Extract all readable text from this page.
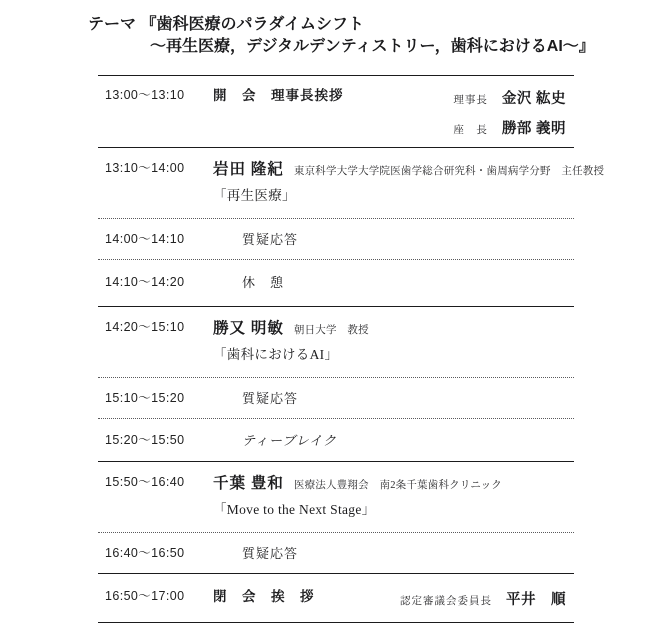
テーマ 『歯科医療のパラダイムシフト
～再生医療，デジタルデンティストリー，歯科におけるAI～』
13:00～13:10	開　会　理事長挨拶	理事長 金沢 紘史
座　長 勝部 義明
13:10～14:00	岩田 隆紀 東京科学大学大学院医歯学総合研究科・歯周病学分野　主任教授
「再生医療」
14:00～14:10	質疑応答
14:10～14:20	休　憩
14:20～15:10	勝又 明敏 朝日大学　教授
「歯科におけるAI」
15:10～15:20	質疑応答
15:20～15:50	ティーブレイク
15:50～16:40	千葉 豊和 医療法人豊翔会　南2条千葉歯科クリニック
「Move to the Next Stage」
16:40～16:50	質疑応答
16:50～17:00	閉　会　挨　拶	認定審議会委員長 平井　順
